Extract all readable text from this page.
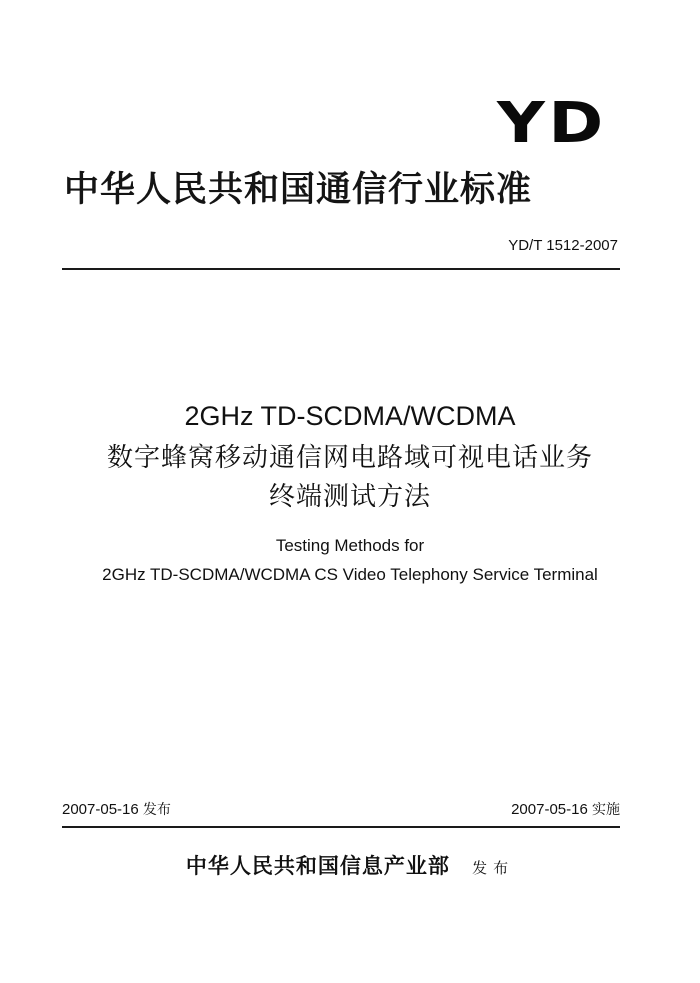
YD
中华人民共和国通信行业标准
YD/T 1512-2007
2GHz TD-SCDMA/WCDMA
数字蜂窝移动通信网电路域可视电话业务
终端测试方法
Testing Methods for
2GHz TD-SCDMA/WCDMA CS Video Telephony Service Terminal
2007-05-16 发布	2007-05-16 实施
中华人民共和国信息产业部 发布
